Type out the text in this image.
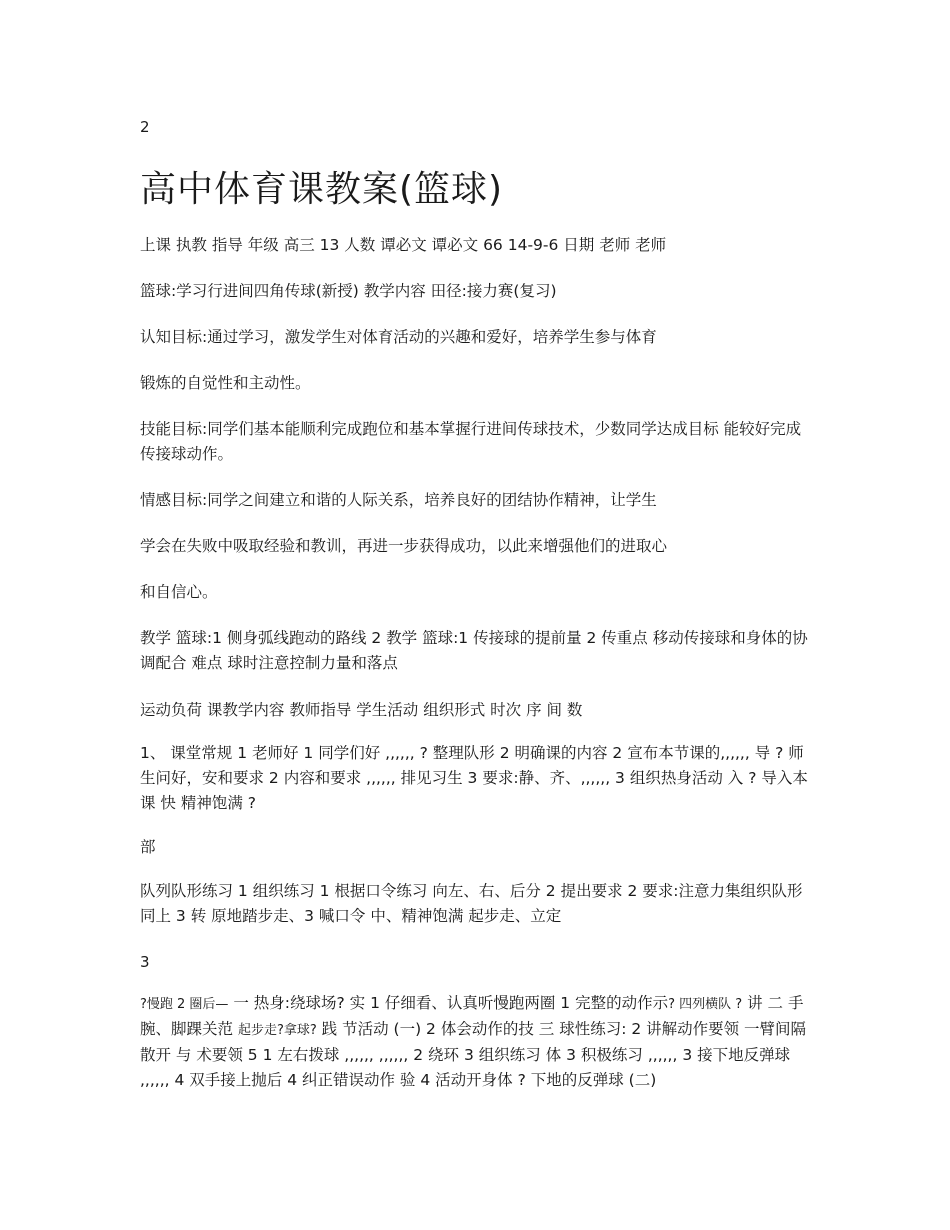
2
高中体育课教案(篮球)
上课 执教 指导 年级 高三 13 人数 谭必文 谭必文 66 14-9-6 日期 老师 老师
篮球:学习行进间四角传球(新授) 教学内容 田径:接力赛(复习)
认知目标:通过学习，激发学生对体育活动的兴趣和爱好，培养学生参与体育
锻炼的自觉性和主动性。
技能目标:同学们基本能顺利完成跑位和基本掌握行进间传球技术，少数同学达成目标 能较好完成传接球动作。
情感目标:同学之间建立和谐的人际关系，培养良好的团结协作精神，让学生
学会在失败中吸取经验和教训，再进一步获得成功，以此来增强他们的进取心
和自信心。
教学 篮球:1 侧身弧线跑动的路线 2 教学 篮球:1 传接球的提前量 2 传重点 移动传接球和身体的协调配合 难点 球时注意控制力量和落点
运动负荷 课教学内容 教师指导 学生活动 组织形式 时次 序 间 数
1、 课堂常规 1 老师好 1 同学们好 ,,,,,, ? 整理队形 2 明确课的内容 2 宣布本节课的,,,,,, 导 ? 师生问好，安和要求 2 内容和要求 ,,,,,, 排见习生 3 要求:静、齐、,,,,,, 3 组织热身活动 入 ? 导入本课 快 精神饱满 ?
部
队列队形练习 1 组织练习 1 根据口令练习 向左、右、后分 2 提出要求 2 要求:注意力集组织队形同上 3 转 原地踏步走、3 喊口令 中、精神饱满 起步走、立定
3
?慢跑 2 圈后— 一 热身:绕球场? 实 1 仔细看、认真听慢跑两圈 1 完整的动作示? 四列横队 ? 讲 二 手腕、脚踝关范 起步走?拿球? 践 节活动 (一) 2 体会动作的技 三 球性练习: 2 讲解动作要领 一臂间隔散开 与 术要领 5 1 左右拨球 ,,,,,, ,,,,,, 2 绕环 3 组织练习 体 3 积极练习 ,,,,,, 3 接下地反弹球 ,,,,,, 4 双手接上抛后 4 纠正错误动作 验 4 活动开身体 ? 下地的反弹球 (二)
